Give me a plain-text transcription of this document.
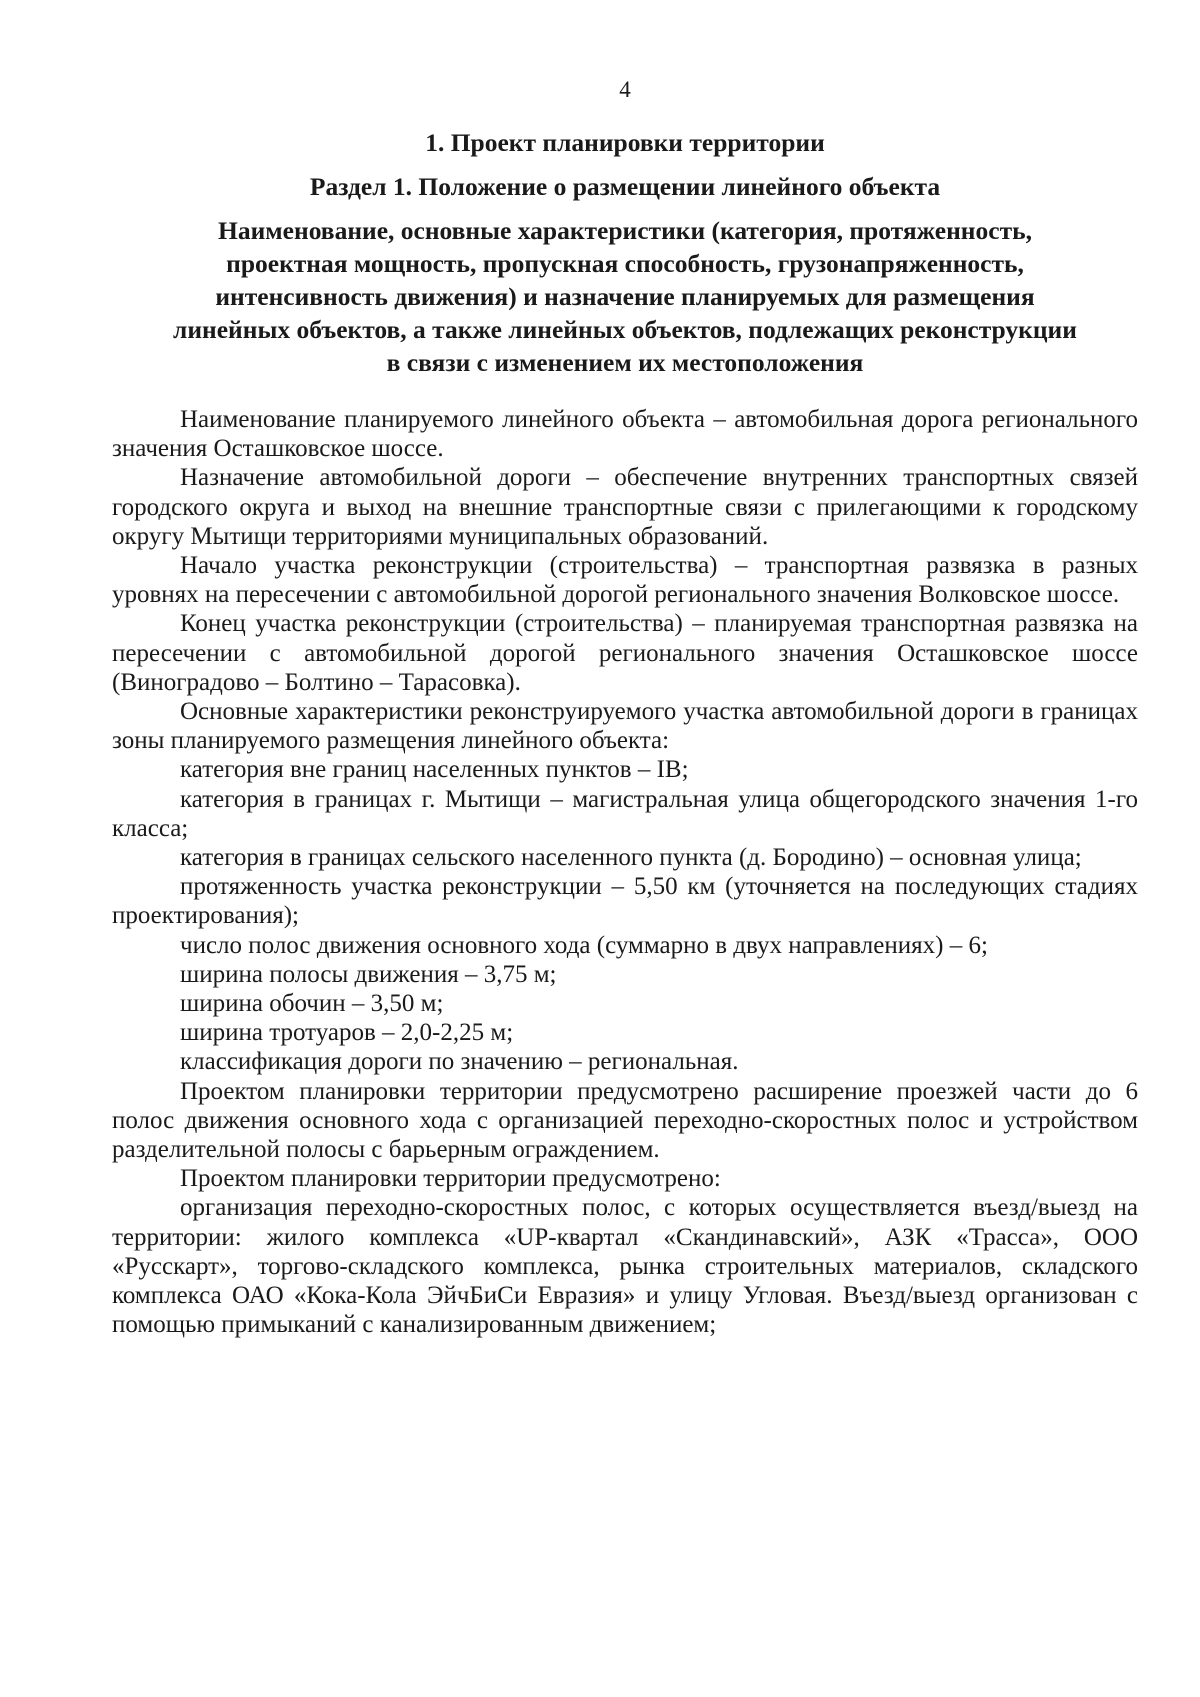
4
1. Проект планировки территории
Раздел 1. Положение о размещении линейного объекта
Наименование, основные характеристики (категория, протяженность,
проектная мощность, пропускная способность, грузонапряженность,
интенсивность движения) и назначение планируемых для размещения
линейных объектов, а также линейных объектов, подлежащих реконструкции
в связи с изменением их местоположения

Наименование планируемого линейного объекта – автомобильная дорога регионального значения Осташковское шоссе.

Назначение автомобильной дороги – обеспечение внутренних транспортных связей городского округа и выход на внешние транспортные связи с прилегающими к городскому округу Мытищи территориями муниципальных образований.

Начало участка реконструкции (строительства) – транспортная развязка в разных уровнях на пересечении с автомобильной дорогой регионального значения Волковское шоссе.

Конец участка реконструкции (строительства) – планируемая транспортная развязка на пересечении с автомобильной дорогой регионального значения Осташковское шоссе (Виноградово – Болтино – Тарасовка).

Основные характеристики реконструируемого участка автомобильной дороги в границах зоны планируемого размещения линейного объекта:

категория вне границ населенных пунктов – IB;

категория в границах г. Мытищи – магистральная улица общегородского значения 1-го класса;

категория в границах сельского населенного пункта (д. Бородино) – основная улица;

протяженность участка реконструкции – 5,50 км (уточняется на последующих стадиях проектирования);

число полос движения основного хода (суммарно в двух направлениях) – 6;

ширина полосы движения – 3,75 м;

ширина обочин – 3,50 м;

ширина тротуаров – 2,0-2,25 м;

классификация дороги по значению – региональная.

Проектом планировки территории предусмотрено расширение проезжей части до 6 полос движения основного хода с организацией переходно-скоростных полос и устройством разделительной полосы с барьерным ограждением.

Проектом планировки территории предусмотрено:

организация переходно-скоростных полос, с которых осуществляется въезд/выезд на территории: жилого комплекса «UP-квартал «Скандинавский», АЗК «Трасса», ООО «Русскарт», торгово-складского комплекса, рынка строительных материалов, складского комплекса ОАО «Кока-Кола ЭйчБиСи Евразия» и улицу Угловая. Въезд/выезд организован с помощью примыканий с канализированным движением;
